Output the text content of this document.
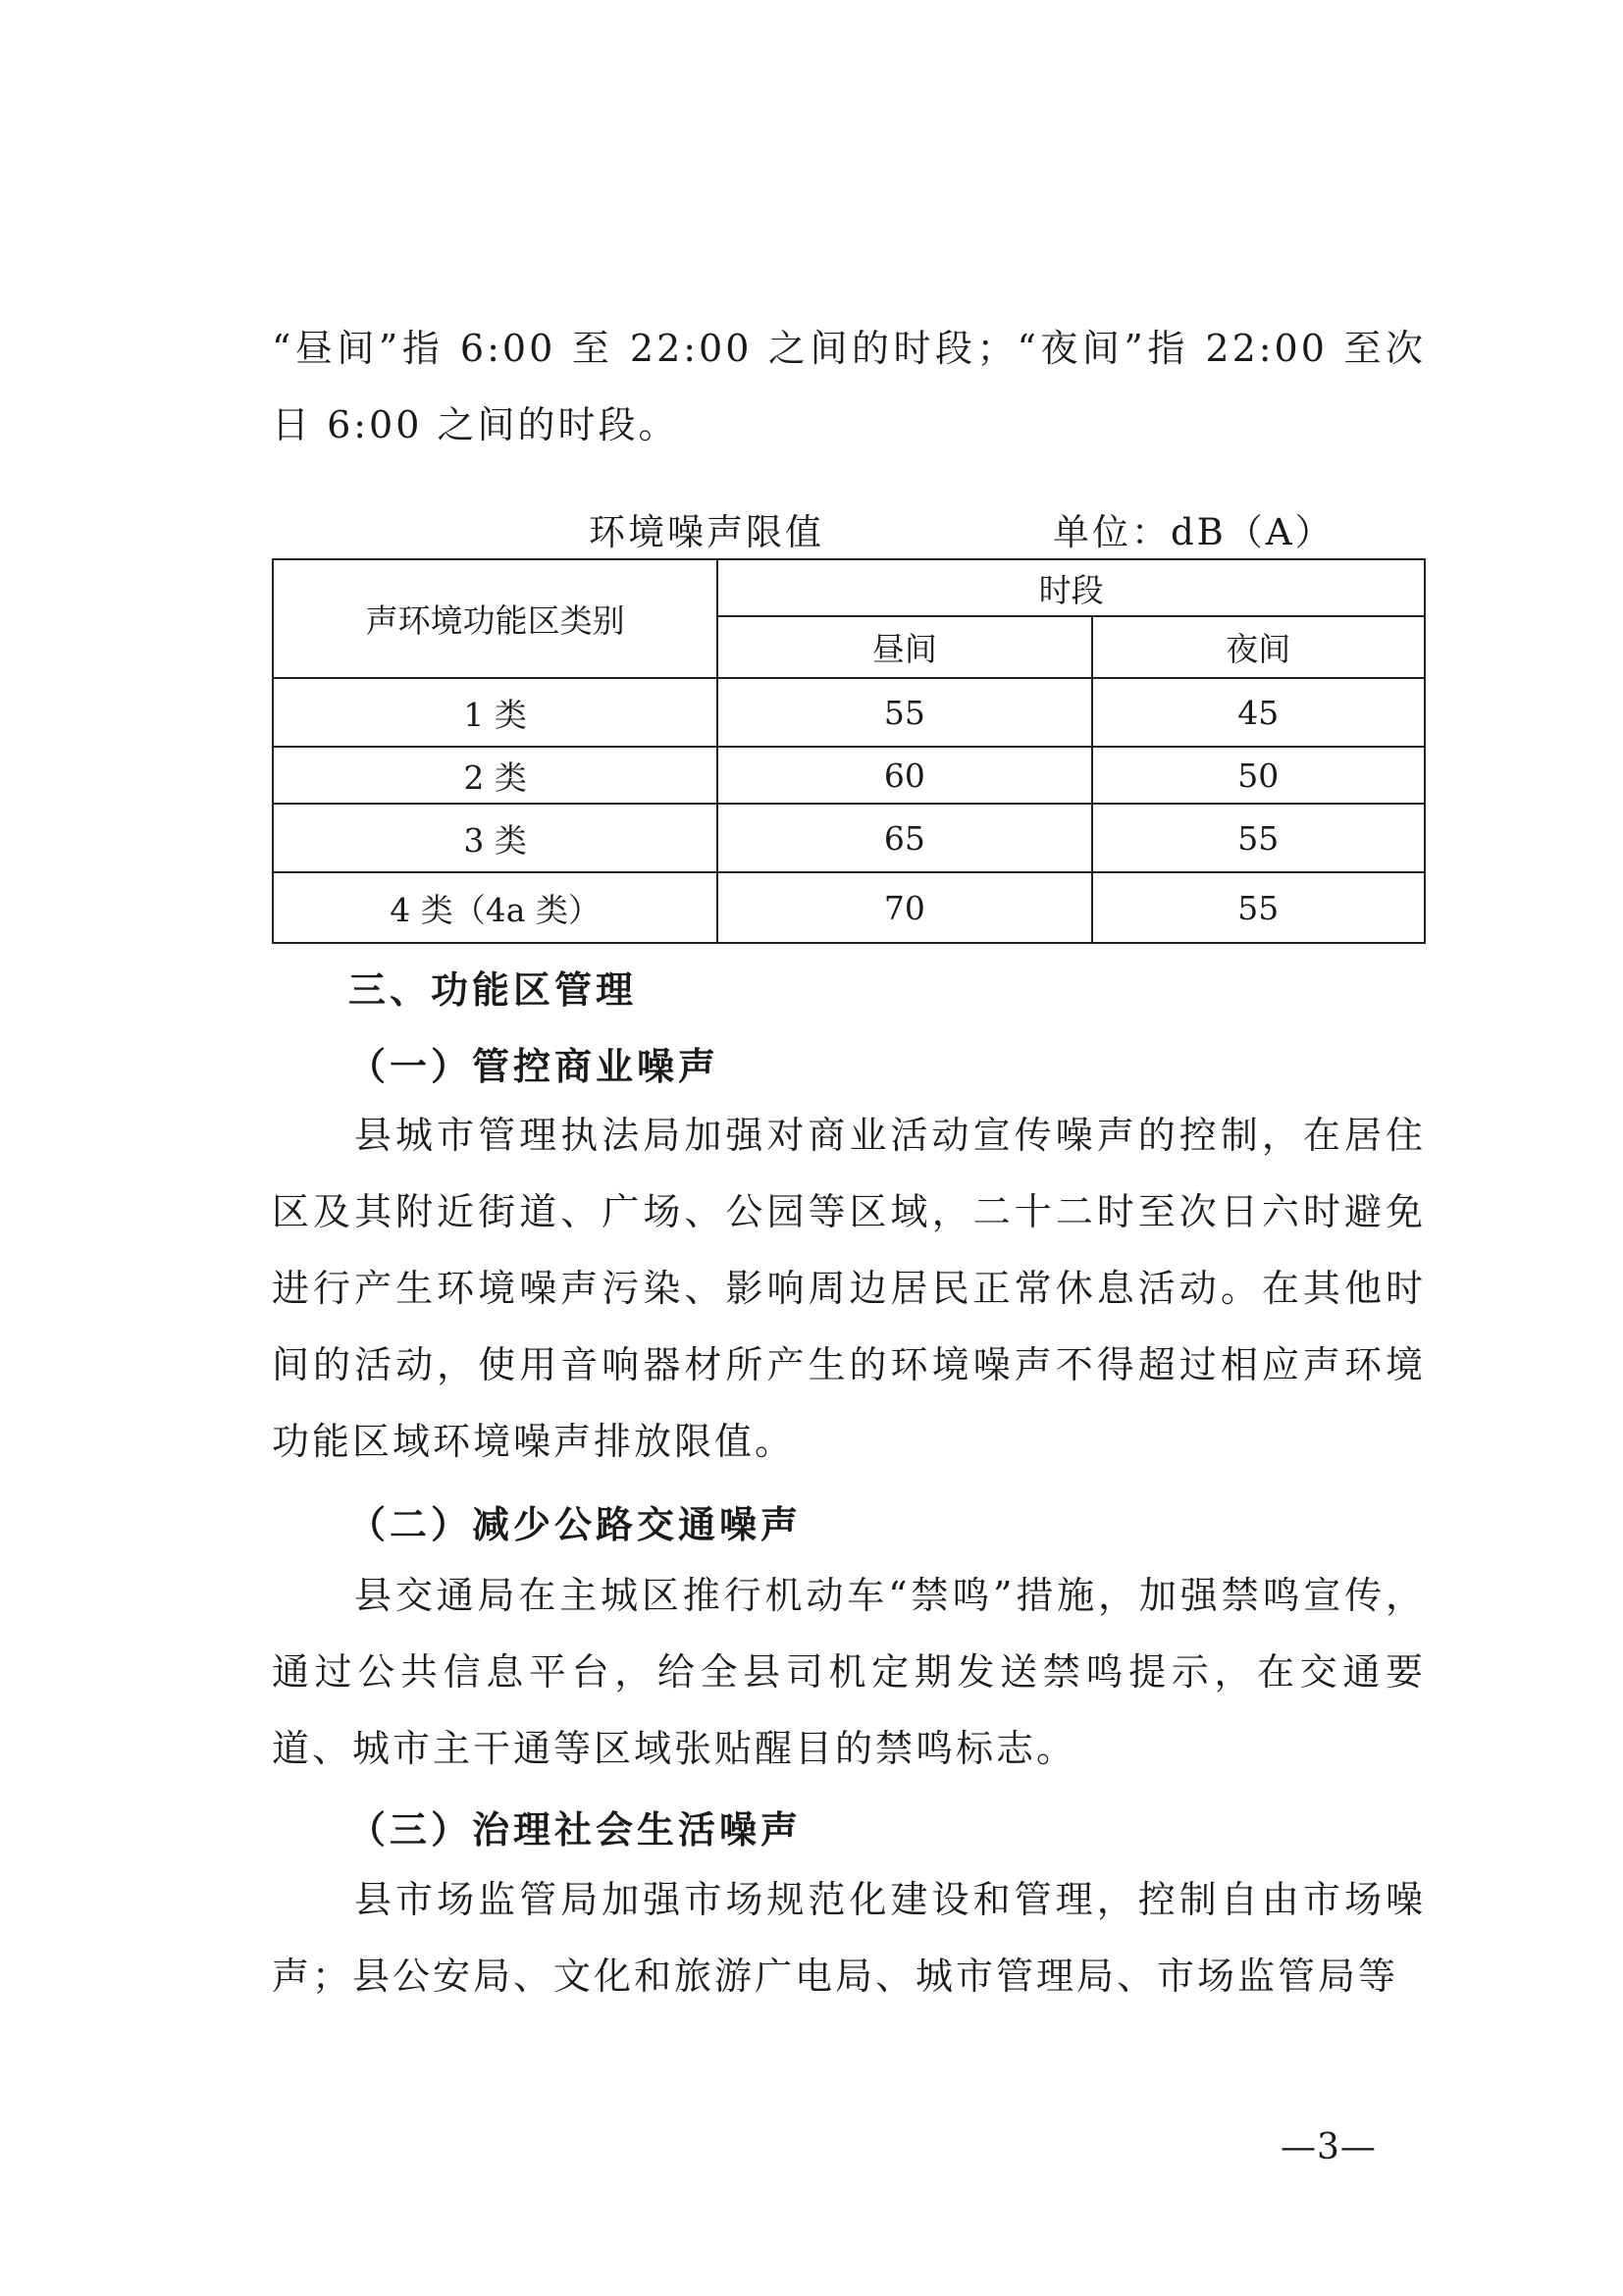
“昼间”指 6:00 至 22:00 之间的时段；“夜间”指 22:00 至次日 6:00 之间的时段。

环境噪声限值	单位：dB（A）
声环境功能区类别	时段	
	昼间	夜间
1 类	55	45
2 类	60	50
3 类	65	55
4 类（4a 类）	70	55
三、功能区管理
（一）管控商业噪声

县城市管理执法局加强对商业活动宣传噪声的控制，在居住区及其附近街道、广场、公园等区域，二十二时至次日六时避免进行产生环境噪声污染、影响周边居民正常休息活动。在其他时间的活动，使用音响器材所产生的环境噪声不得超过相应声环境功能区域环境噪声排放限值。

（二）减少公路交通噪声

县交通局在主城区推行机动车“禁鸣”措施，加强禁鸣宣传，通过公共信息平台，给全县司机定期发送禁鸣提示，在交通要道、城市主干通等区域张贴醒目的禁鸣标志。

（三）治理社会生活噪声

县市场监管局加强市场规范化建设和管理，控制自由市场噪声；县公安局、文化和旅游广电局、城市管理局、市场监管局等

—3—
